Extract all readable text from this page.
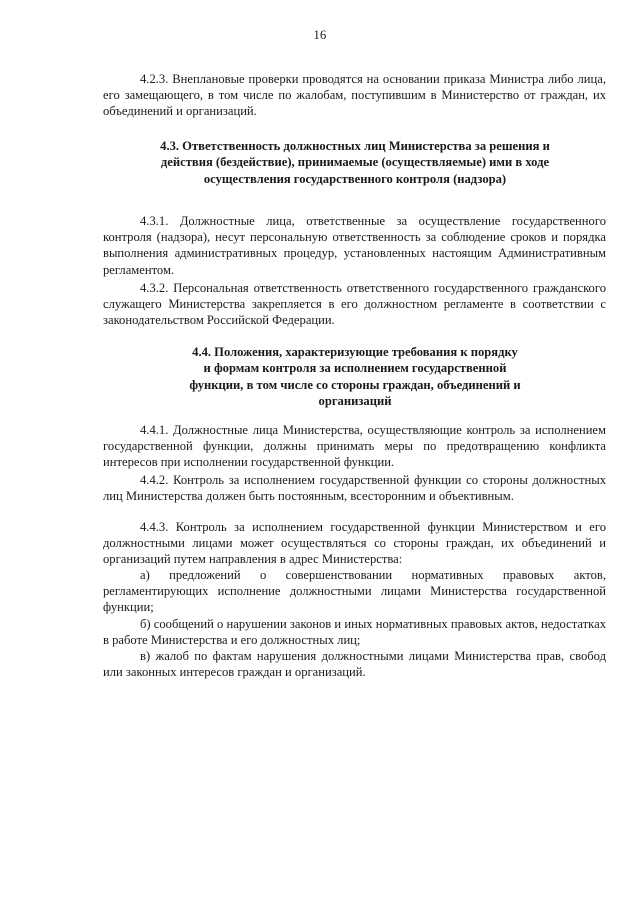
16

4.2.3. Внеплановые проверки проводятся на основании приказа Министра либо лица, его замещающего, в том числе по жалобам, поступившим в Министерство от граждан, их объединений и организаций.

4.3. Ответственность должностных лиц Министерства за решения и действия (бездействие), принимаемые (осуществляемые) ими в ходе осуществления государственного контроля (надзора)

4.3.1. Должностные лица, ответственные за осуществление государственного контроля (надзора), несут персональную ответственность за соблюдение сроков и порядка выполнения административных процедур, установленных настоящим Административным регламентом.

4.3.2. Персональная ответственность ответственного государственного гражданского служащего Министерства закрепляется в его должностном регламенте в соответствии с законодательством Российской Федерации.

4.4. Положения, характеризующие требования к порядку и формам контроля за исполнением государственной функции, в том числе со стороны граждан, объединений и организаций

4.4.1. Должностные лица Министерства, осуществляющие контроль за исполнением государственной функции, должны принимать меры по предотвращению конфликта интересов при исполнении государственной функции.

4.4.2. Контроль за исполнением государственной функции со стороны должностных лиц Министерства должен быть постоянным, всесторонним и объективным.

4.4.3. Контроль за исполнением государственной функции Министерством и его должностными лицами может осуществляться со стороны граждан, их объединений и организаций путем направления в адрес Министерства:

а) предложений о совершенствовании нормативных правовых актов, регламентирующих исполнение должностными лицами Министерства государственной функции;

б) сообщений о нарушении законов и иных нормативных правовых актов, недостатках в работе Министерства и его должностных лиц;

в) жалоб по фактам нарушения должностными лицами Министерства прав, свобод или законных интересов граждан и организаций.
